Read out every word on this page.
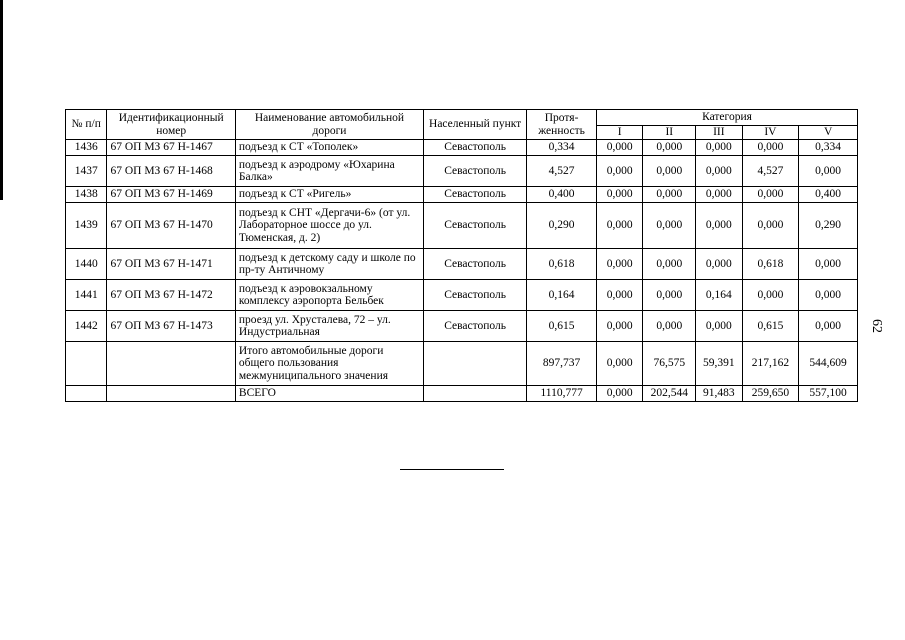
№ п/п	Идентификационный номер	Наименование автомобильной дороги	Населенный пункт	Протя-женность	Категория				
					I	II	III	IV	V
1436	67 ОП МЗ 67 Н-1467	подъезд к СТ «Тополек»	Севастополь	0,334	0,000	0,000	0,000	0,000	0,334
1437	67 ОП МЗ 67 Н-1468	подъезд к аэродрому «Юхарина Балка»	Севастополь	4,527	0,000	0,000	0,000	4,527	0,000
1438	67 ОП МЗ 67 Н-1469	подъезд к СТ «Ригель»	Севастополь	0,400	0,000	0,000	0,000	0,000	0,400
1439	67 ОП МЗ 67 Н-1470	подъезд к СНТ «Дергачи-6» (от ул. Лабораторное шоссе до ул. Тюменская, д. 2)	Севастополь	0,290	0,000	0,000	0,000	0,000	0,290
1440	67 ОП МЗ 67 Н-1471	подъезд к детскому саду и школе по пр-ту Античному	Севастополь	0,618	0,000	0,000	0,000	0,618	0,000
1441	67 ОП МЗ 67 Н-1472	подъезд к аэровокзальному комплексу аэропорта Бельбек	Севастополь	0,164	0,000	0,000	0,164	0,000	0,000
1442	67 ОП МЗ 67 Н-1473	проезд ул. Хрусталева, 72 – ул. Индустриальная	Севастополь	0,615	0,000	0,000	0,000	0,615	0,000
		Итого автомобильные дороги общего пользования межмуниципального значения		897,737	0,000	76,575	59,391	217,162	544,609
		ВСЕГО		1110,777	0,000	202,544	91,483	259,650	557,100
62
